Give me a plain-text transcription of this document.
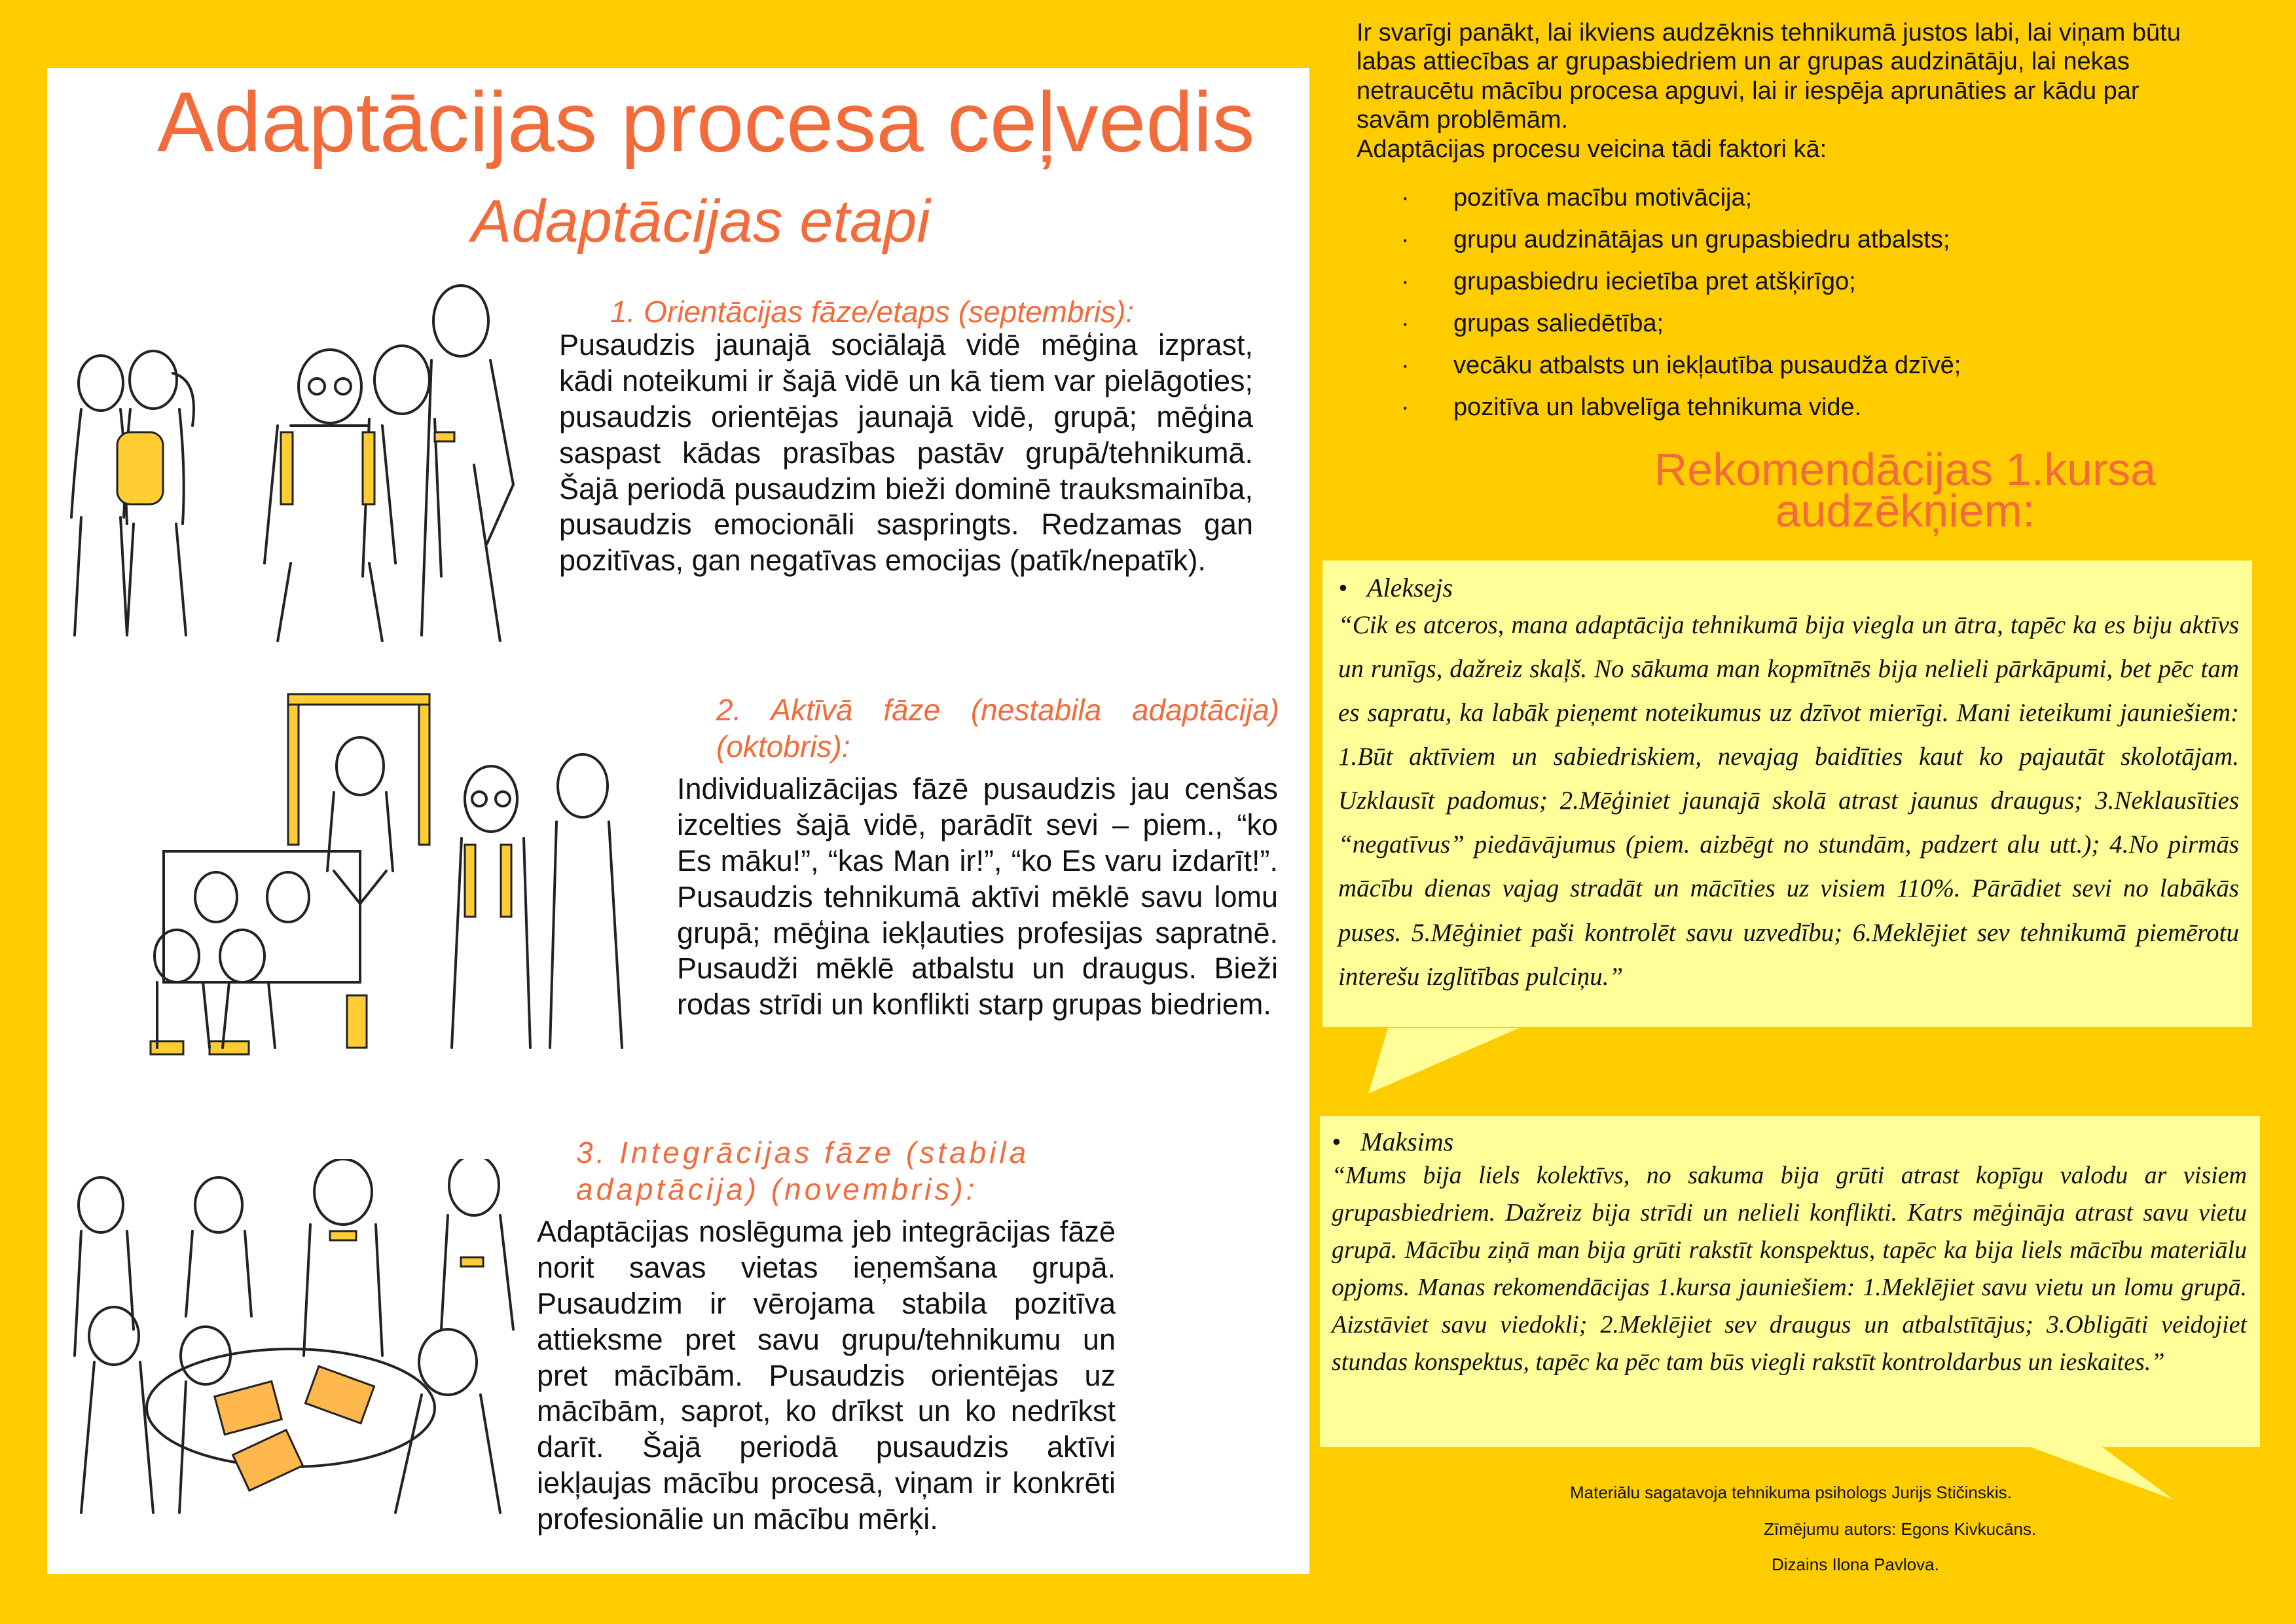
Adaptācijas procesa ceļvedis
Adaptācijas etapi
1. Orientācijas fāze/etaps (septembris):
Pusaudzis jaunajā sociālajā vidē mēģina izprast, kādi noteikumi ir šajā vidē un kā tiem var pielāgoties; pusaudzis orientējas jaunajā vidē, grupā; mēģina saspast kādas prasības pastāv grupā/tehnikumā. Šajā periodā pusaudzim bieži dominē trauksmainība, pusaudzis emocionāli saspringts. Redzamas gan pozitīvas, gan negatīvas emocijas (patīk/nepatīk).
2. Aktīvā fāze (nestabila adaptācija) (oktobris):
Individualizācijas fāzē pusaudzis jau cenšas izcelties šajā vidē, parādīt sevi – piem., “ko Es māku!”, “kas Man ir!”, “ko Es varu izdarīt!”. Pusaudzis tehnikumā aktīvi mēklē savu lomu grupā; mēģina iekļauties profesijas sapratnē. Pusaudži mēklē atbalstu un draugus. Bieži rodas strīdi un konflikti starp grupas biedriem.
3. Integrācijas fāze (stabila adaptācija) (novembris):
Adaptācijas noslēguma jeb integrācijas fāzē norit savas vietas ieņemšana grupā. Pusaudzim ir vērojama stabila pozitīva attieksme pret savu grupu/tehnikumu un pret mācībām. Pusaudzis orientējas uz mācībām, saprot, ko drīkst un ko nedrīkst darīt. Šajā periodā pusaudzis aktīvi iekļaujas mācību procesā, viņam ir konkrēti profesionālie un mācību mērķi.
Ir svarīgi panākt, lai ikviens audzēknis tehnikumā justos labi, lai viņam būtu labas attiecības ar grupasbiedriem un ar grupas audzinātāju, lai nekas netraucētu mācību procesa apguvi, lai ir iespēja aprunāties ar kādu par savām problēmām.
Adaptācijas procesu veicina tādi faktori kā:
· pozitīva macību motivācija;
· grupu audzinātājas un grupasbiedru atbalsts;
· grupasbiedru iecietība pret atšķirīgo;
· grupas saliedētība;
· vecāku atbalsts un iekļautība pusaudža dzīvē;
· pozitīva un labvelīga tehnikuma vide.
Rekomendācijas 1.kursa
audzēkņiem:
• Aleksejs
“Cik es atceros, mana adaptācija tehnikumā bija viegla un ātra, tapēc ka es biju aktīvs un runīgs, dažreiz skaļš. No sākuma man kopmītnēs bija nelieli pārkāpumi, bet pēc tam es sapratu, ka labāk pieņemt noteikumus uz dzīvot mierīgi. Mani ieteikumi jauniešiem: 1.Būt aktīviem un sabiedriskiem, nevajag baidīties kaut ko pajautāt skolotājam. Uzklausīt padomus; 2.Mēģiniet jaunajā skolā atrast jaunus draugus; 3.Neklausīties “negatīvus” piedāvājumus (piem. aizbēgt no stundām, padzert alu utt.); 4.No pirmās mācību dienas vajag stradāt un mācīties uz visiem 110%. Pārādiet sevi no labākās puses. 5.Mēģiniet paši kontrolēt savu uzvedību; 6.Meklējiet sev tehnikumā piemērotu interešu izglītības pulciņu.”
• Maksims
“Mums bija liels kolektīvs, no sakuma bija grūti atrast kopīgu valodu ar visiem grupasbiedriem. Dažreiz bija strīdi un nelieli konflikti. Katrs mēģināja atrast savu vietu grupā. Mācību ziņā man bija grūti rakstīt konspektus, tapēc ka bija liels mācību materiālu opjoms. Manas rekomendācijas 1.kursa jauniešiem: 1.Meklējiet savu vietu un lomu grupā. Aizstāviet savu viedokli; 2.Meklējiet sev draugus un atbalstītājus; 3.Obligāti veidojiet stundas konspektus, tapēc ka pēc tam būs viegli rakstīt kontroldarbus un ieskaites.”
Materiālu sagatavoja tehnikuma psihologs Jurijs Stičinskis.
Zīmējumu autors: Egons Kivkucāns.
Dizains Ilona Pavlova.
